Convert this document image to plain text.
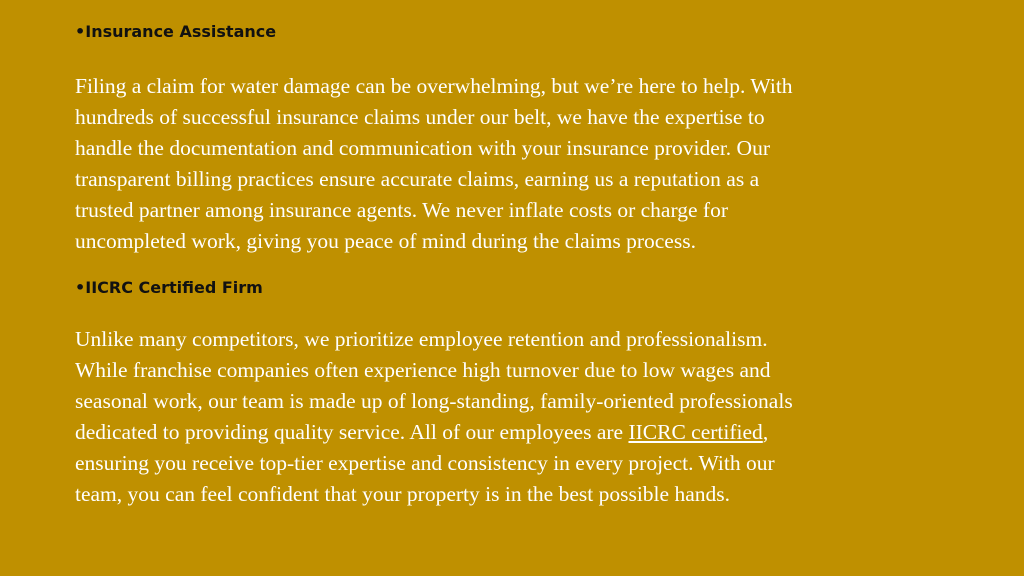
•Insurance Assistance

Filing a claim for water damage can be overwhelming, but we’re here to help. With
hundreds of successful insurance claims under our belt, we have the expertise to
handle the documentation and communication with your insurance provider. Our
transparent billing practices ensure accurate claims, earning us a reputation as a
trusted partner among insurance agents. We never inflate costs or charge for
uncompleted work, giving you peace of mind during the claims process.

•IICRC Certified Firm

Unlike many competitors, we prioritize employee retention and professionalism.
While franchise companies often experience high turnover due to low wages and
seasonal work, our team is made up of long-standing, family-oriented professionals
dedicated to providing quality service. All of our employees are IICRC certified,
ensuring you receive top-tier expertise and consistency in every project. With our
team, you can feel confident that your property is in the best possible hands.
